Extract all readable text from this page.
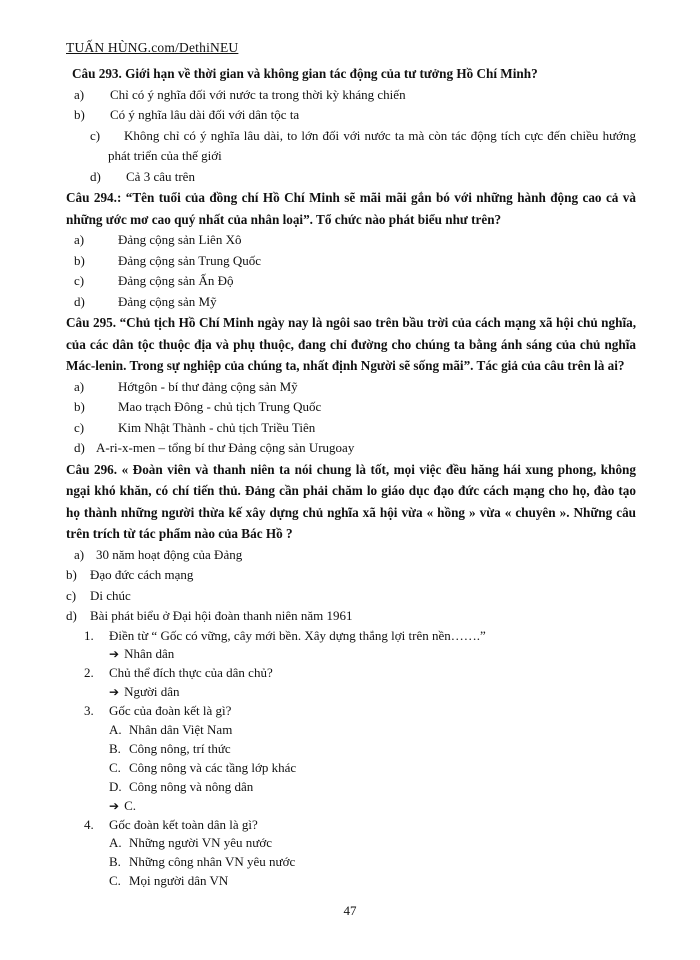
TUẤN HÙNG.com/DethiNEU

Câu 293. Giới hạn về thời gian và không gian tác động của tư tưởng Hồ Chí Minh?

a)	Chỉ có ý nghĩa đối với nước ta trong thời kỳ kháng chiến
b)	Có ý nghĩa lâu dài đối với dân tộc ta
c)	Không chỉ có ý nghĩa lâu dài, to lớn đối với nước ta mà còn tác động tích cực đến chiều hướng phát triển của thế giới
d)	Cả 3 câu trên

Câu 294.: “Tên tuổi của đồng chí Hồ Chí Minh sẽ mãi mãi gắn bó với những hành động cao cả và những ước mơ cao quý nhất của nhân loại”. Tổ chức nào phát biểu như trên?

a)	Đảng cộng sản Liên Xô
b)	Đảng cộng sản Trung Quốc
c)	Đảng cộng sản Ấn Độ
d)	Đảng cộng sản Mỹ

Câu 295. “Chủ tịch Hồ Chí Minh ngày nay là ngôi sao trên bầu trời của cách mạng xã hội chủ nghĩa, của các dân tộc thuộc địa và phụ thuộc, đang chỉ đường cho chúng ta bằng ánh sáng của chủ nghĩa Mác-lenin. Trong sự nghiệp của chúng ta, nhất định Người sẽ sống mãi”. Tác giả của câu trên là ai?

a)	Hớtgôn - bí thư đảng cộng sản Mỹ
b)	Mao trạch Đông - chủ tịch Trung Quốc
c)	Kim Nhật Thành - chủ tịch Triều Tiên
d) A-ri-x-men – tổng bí thư Đảng cộng sản Urugoay

Câu 296. « Đoàn viên và thanh niên ta nói chung là tốt, mọi việc đều hăng hái xung phong, không ngại khó khăn, có chí tiến thủ. Đảng cần phải chăm lo giáo dục đạo đức cách mạng cho họ, đào tạo họ thành những người thừa kế xây dựng chủ nghĩa xã hội vừa « hồng » vừa « chuyên ». Những câu trên trích từ tác phẩm nào của Bác Hồ ?

a) 30 năm hoạt động của Đảng
b)	Đạo đức cách mạng
c)	Di chúc
d)	Bài phát biểu ở Đại hội đoàn thanh niên năm 1961
1.	Điền từ “ Gốc có vững, cây mới bền. Xây dựng thắng lợi trên nền…….”

➔ Nhân dân

2.	Chủ thể đích thực của dân chủ?

➔ Người dân

3.	Gốc của đoàn kết là gì?
A. Nhân dân Việt Nam
B. Công nông, trí thức
C. Công nông và các tầng lớp khác
D. Công nông và nông dân

➔ C.

4.	Gốc đoàn kết toàn dân là gì?
A. Những người VN yêu nước
B. Những công nhân VN yêu nước
C. Mọi người dân VN
47
